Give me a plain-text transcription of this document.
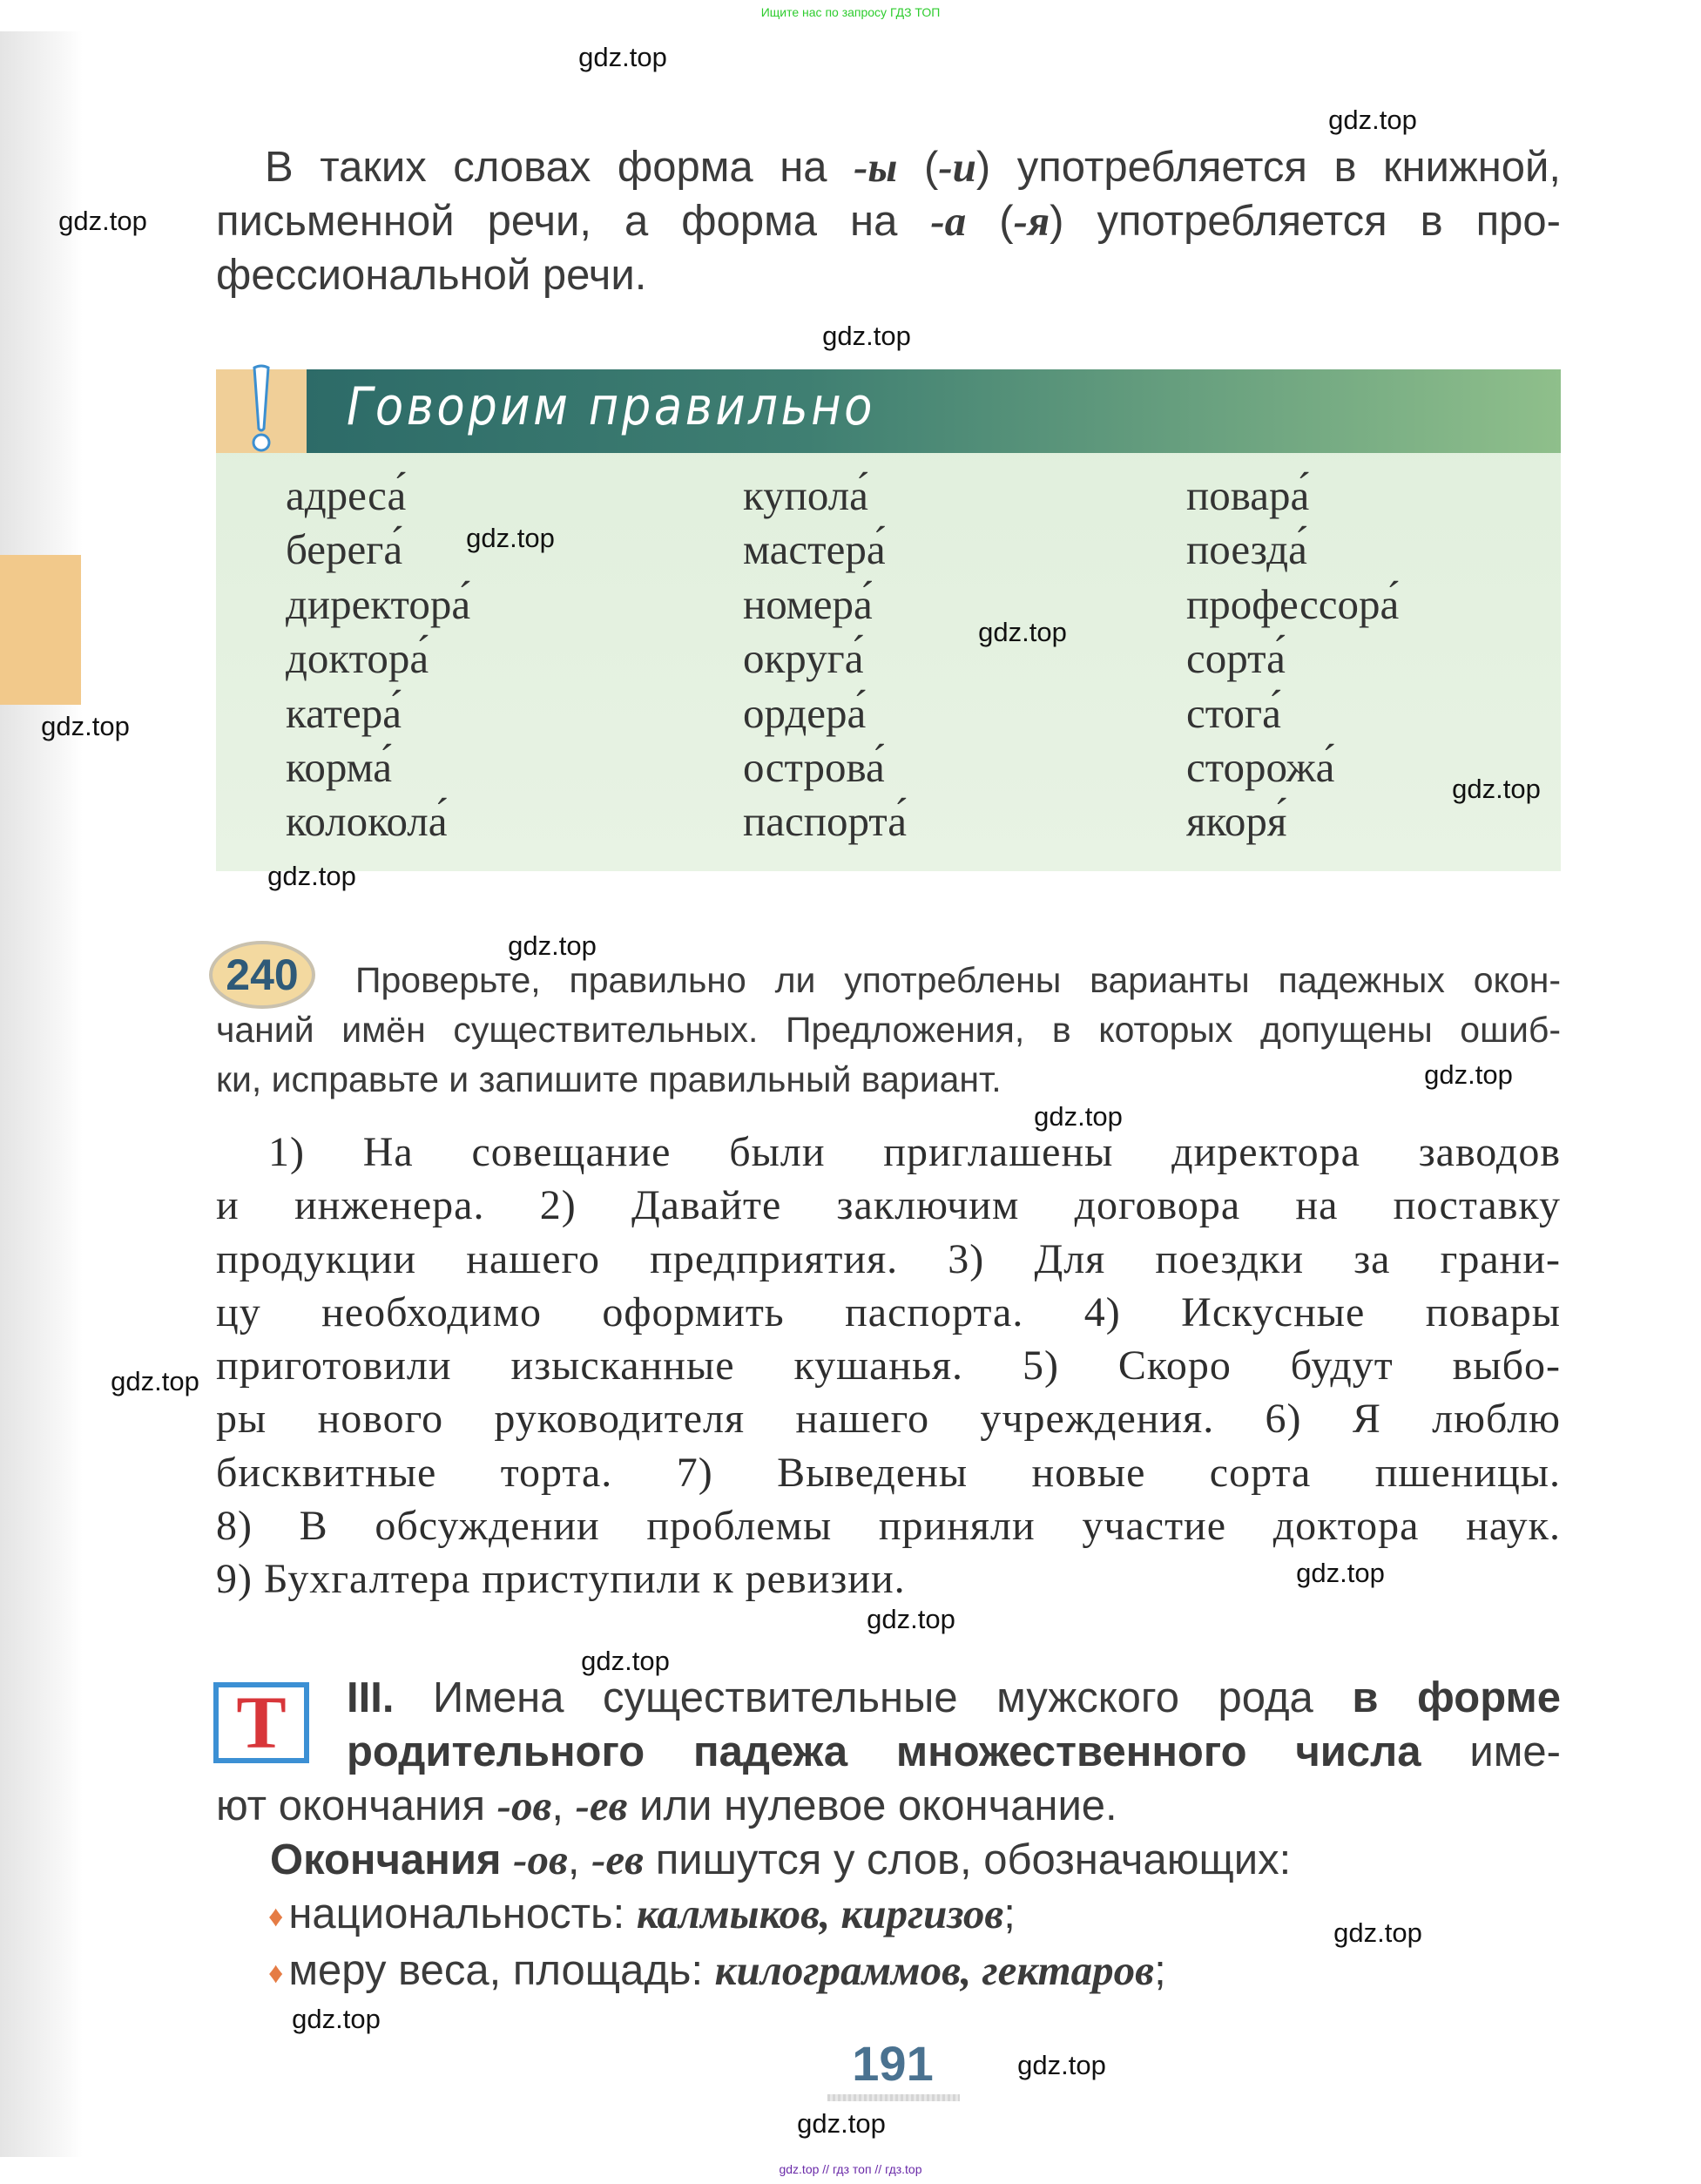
Ищите нас по запросу ГДЗ ТОП
В таких словах форма на -ы (-и) употребляется в книжной,
письменной речи, а форма на -а (-я) употребляется в про-
фессиональной речи.
Говорим правильно
адреса́
берега́
директора́
доктора́
катера́
корма́
колокола́
купола́
мастера́
номера́
округа́
ордера́
острова́
паспорта́
повара́
поезда́
профессора́
сорта́
стога́
сторожа́
якоря́
240	Проверьте, правильно ли употреблены варианты падежных окон-
чаний имён существительных. Предложения, в которых допущены ошиб-
ки, исправьте и запишите правильный вариант.
1) На совещание были приглашены директора заводов
и инженера. 2) Давайте заключим договора на поставку
продукции нашего предприятия. 3) Для поездки за грани-
цу необходимо оформить паспорта. 4) Искусные повары
приготовили изысканные кушанья. 5) Скоро будут выбо-
ры нового руководителя нашего учреждения. 6) Я люблю
бисквитные торта. 7) Выведены новые сорта пшеницы.
8) В обсуждении проблемы приняли участие доктора наук.
9) Бухгалтера приступили к ревизии.
Т	III. Имена существительные мужского рода в форме
родительного падежа множественного числа име-
ют окончания -ов, -ев или нулевое окончание.
Окончания -ов, -ев пишутся у слов, обозначающих:
♦ национальность: калмыков, киргизов;
♦ меру веса, площадь: килограммов, гектаров;
191
gdz.top // гдз топ // гдз.top
gdz.top
gdz.top
gdz.top
gdz.top
gdz.top
gdz.top
gdz.top
gdz.top
gdz.top
gdz.top
gdz.top
gdz.top
gdz.top
gdz.top
gdz.top
gdz.top
gdz.top
gdz.top
gdz.top
gdz.top
